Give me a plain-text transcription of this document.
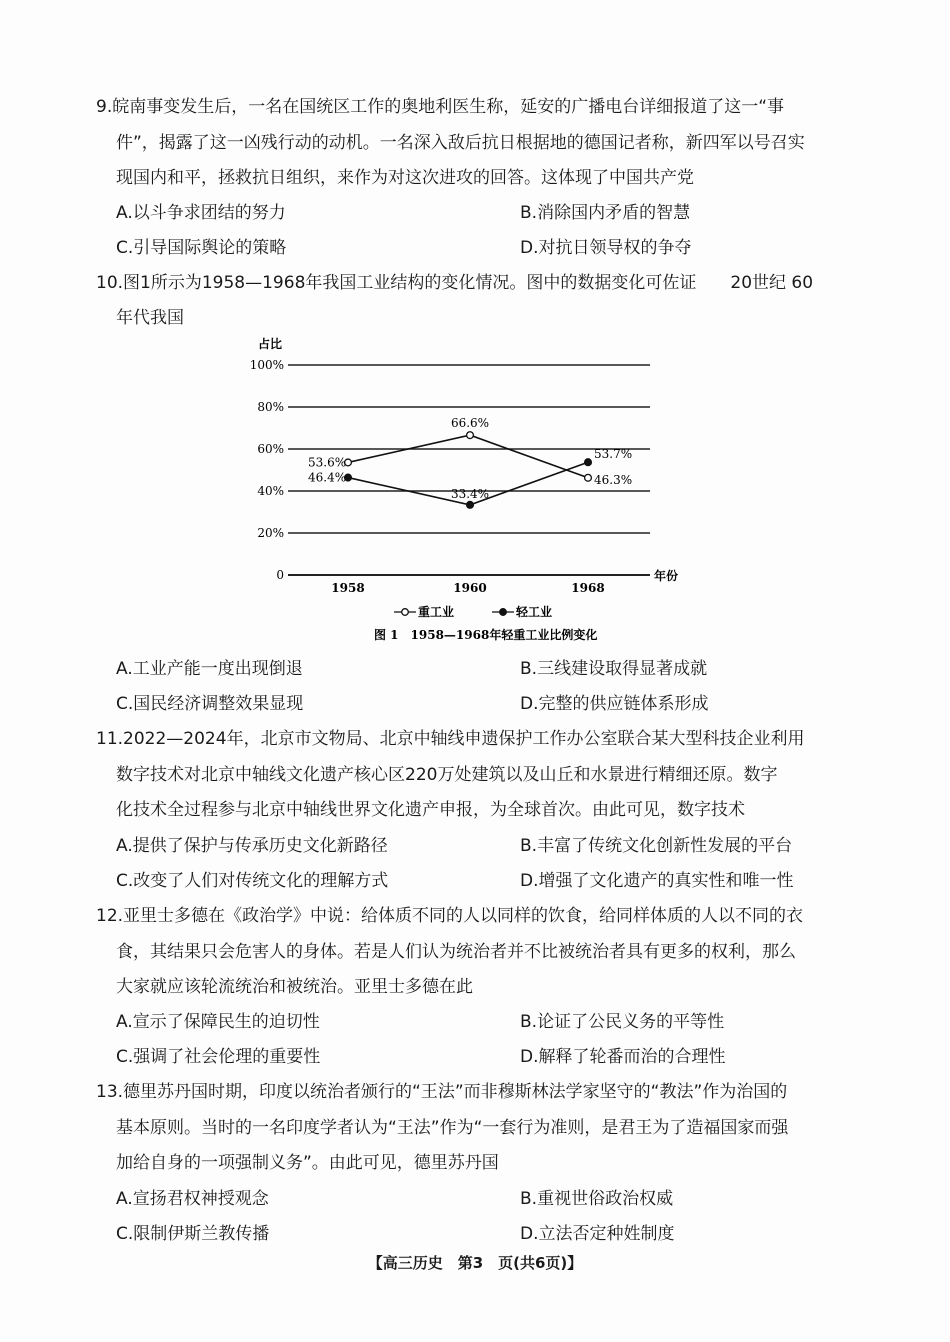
9.皖南事变发生后，一名在国统区工作的奥地利医生称，延安的广播电台详细报道了这一“事
件”，揭露了这一凶残行动的动机。一名深入敌后抗日根据地的德国记者称，新四军以号召实
现国内和平，拯救抗日组织，来作为对这次进攻的回答。这体现了中国共产党
A.以斗争求团结的努力	B.消除国内矛盾的智慧
C.引导国际舆论的策略	D.对抗日领导权的争夺
10.图1所示为1958—1968年我国工业结构的变化情况。图中的数据变化可佐证　　20世纪 60
年代我国
A.工业产能一度出现倒退	B.三线建设取得显著成就
C.国民经济调整效果显现	D.完整的供应链体系形成
占比
0
20%
40%
60%
80%
100%
1958	1960	1968
年份
53.6%
66.6%
46.3%
46.4%
33.4%
53.7%
重工业	轻工业
图 1　1958—1968年轻重工业比例变化
11.2022—2024年，北京市文物局、北京中轴线申遗保护工作办公室联合某大型科技企业利用
数字技术对北京中轴线文化遗产核心区220万处建筑以及山丘和水景进行精细还原。数字
化技术全过程参与北京中轴线世界文化遗产申报，为全球首次。由此可见，数字技术
A.提供了保护与传承历史文化新路径	B.丰富了传统文化创新性发展的平台
C.改变了人们对传统文化的理解方式	D.增强了文化遗产的真实性和唯一性
12.亚里士多德在《政治学》中说：给体质不同的人以同样的饮食，给同样体质的人以不同的衣
食，其结果只会危害人的身体。若是人们认为统治者并不比被统治者具有更多的权利，那么
大家就应该轮流统治和被统治。亚里士多德在此
A.宣示了保障民生的迫切性	B.论证了公民义务的平等性
C.强调了社会伦理的重要性	D.解释了轮番而治的合理性
13.德里苏丹国时期，印度以统治者颁行的“王法”而非穆斯林法学家坚守的“教法”作为治国的
基本原则。当时的一名印度学者认为“王法”作为“一套行为准则，是君王为了造福国家而强
加给自身的一项强制义务”。由此可见，德里苏丹国
A.宣扬君权神授观念	B.重视世俗政治权威
C.限制伊斯兰教传播	D.立法否定种姓制度
【高三历史　第3　页(共6页)】
